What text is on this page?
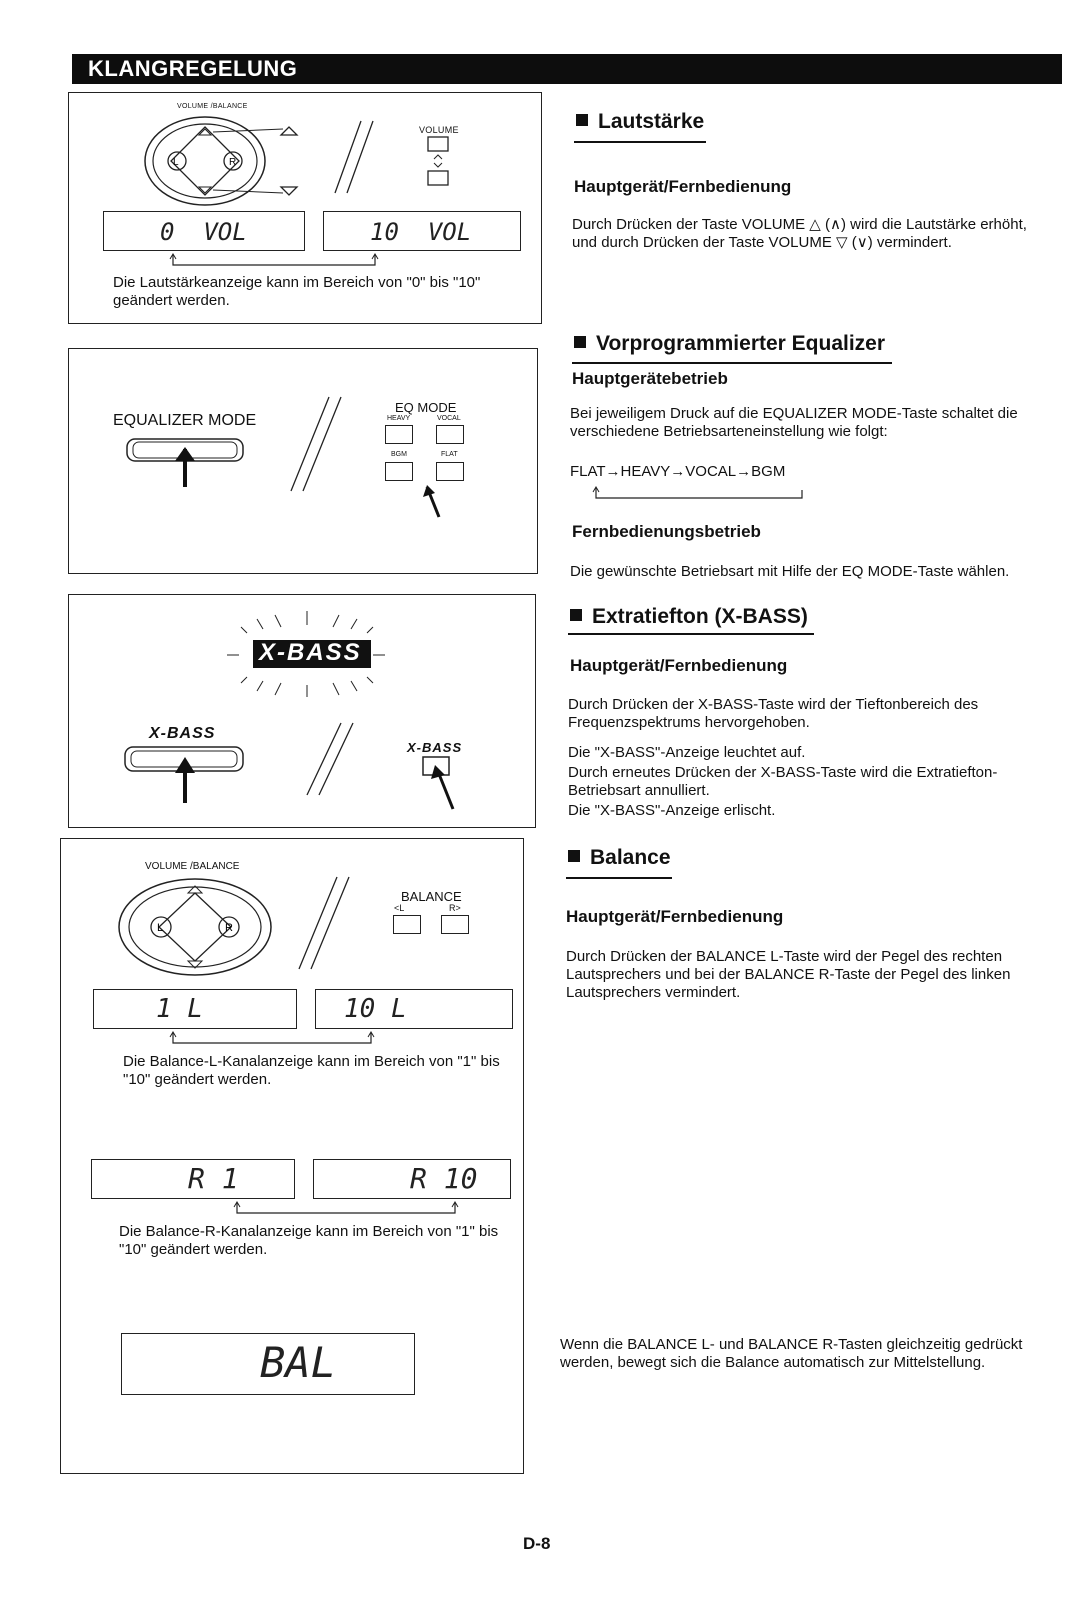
KLANGREGELUNG
VOLUME /BALANCE
L	R
VOLUME
0  VOL	10  VOL
Die Lautstärkeanzeige kann im Bereich von "0" bis "10" geändert werden.
EQUALIZER MODE
EQ MODE
HEAVY	VOCAL
BGM	FLAT
X-BASS
X-BASS
X-BASS
VOLUME /BALANCE
L	R
BALANCE
<L	R>
1 L	10 L
Die Balance-L-Kanalanzeige kann im Bereich von "1" bis "10" geändert werden.
R 1	R 10
Die Balance-R-Kanalanzeige kann im Bereich von "1" bis "10" geändert werden.
BAL
Lautstärke
Hauptgerät/Fernbedienung
Durch Drücken der Taste VOLUME △ (∧) wird die Lautstärke erhöht, und durch Drücken der Taste VOLUME ▽ (∨) vermindert.
Vorprogrammierter Equalizer
Hauptgerätebetrieb
Bei jeweiligem Druck auf die EQUALIZER MODE-Taste schaltet die verschiedene Betriebsarteneinstellung wie folgt:
FLAT→HEAVY→VOCAL→BGM
Fernbedienungsbetrieb
Die gewünschte Betriebsart mit Hilfe der EQ MODE-Taste wählen.
Extratiefton (X-BASS)
Hauptgerät/Fernbedienung
Durch Drücken der X-BASS-Taste wird der Tieftonbereich des Frequenzspektrums hervorgehoben.
Die "X-BASS"-Anzeige leuchtet auf.
Durch erneutes Drücken der X-BASS-Taste wird die Extratiefton-Betriebsart annulliert.
Die "X-BASS"-Anzeige erlischt.
Balance
Hauptgerät/Fernbedienung
Durch Drücken der BALANCE L-Taste wird der Pegel des rechten Lautsprechers und bei der BALANCE R-Taste der Pegel des linken Lautsprechers vermindert.
Wenn die BALANCE L- und BALANCE R-Tasten gleichzeitig gedrückt werden, bewegt sich die Balance automatisch zur Mittelstellung.
D-8
